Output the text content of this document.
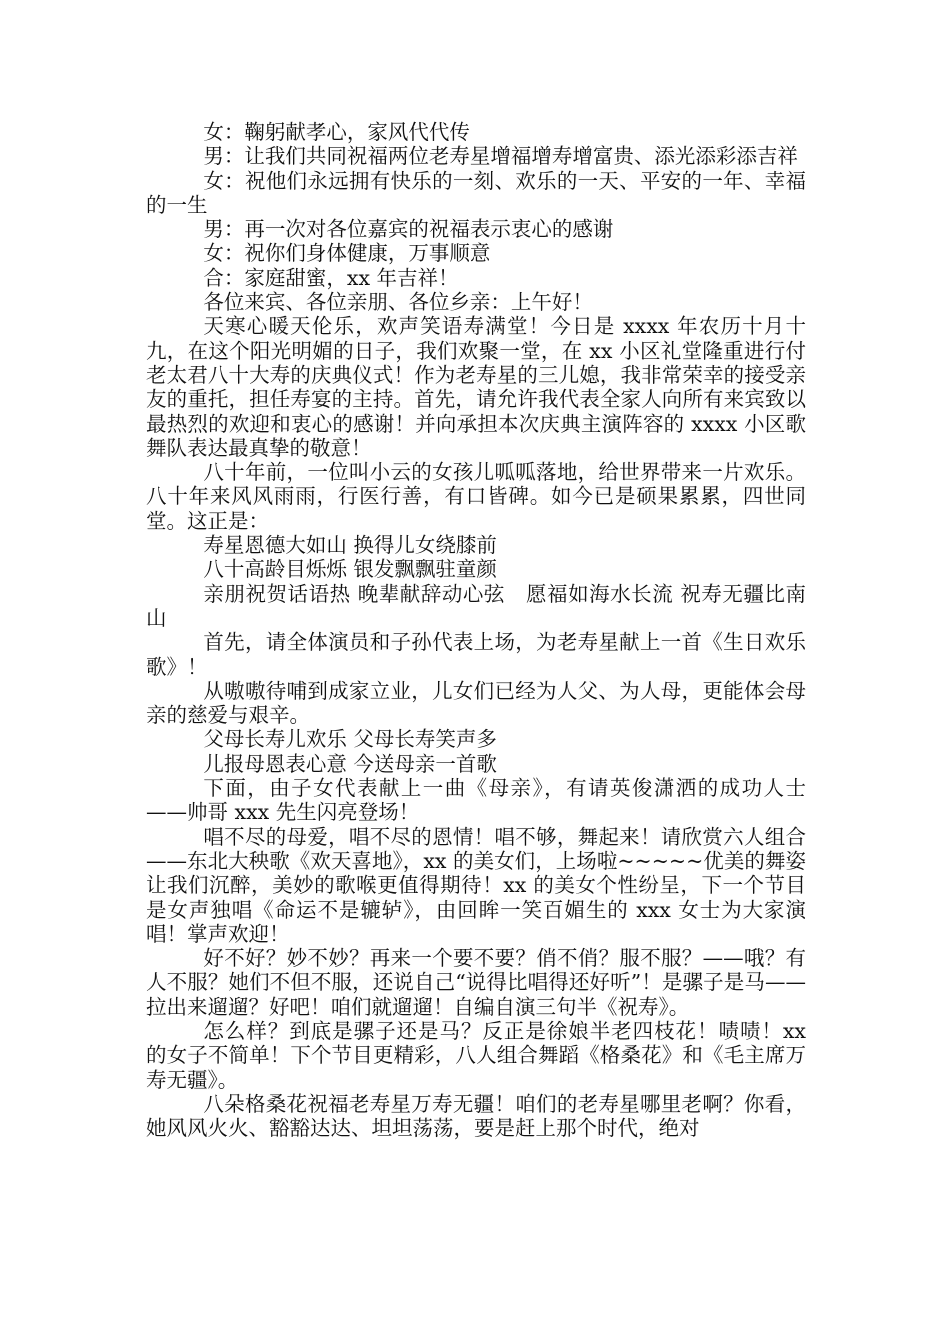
女：鞠躬献孝心，家风代代传

男：让我们共同祝福两位老寿星增福增寿增富贵、添光添彩添吉祥

女：祝他们永远拥有快乐的一刻、欢乐的一天、平安的一年、幸福的一生

男：再一次对各位嘉宾的祝福表示衷心的感谢

女：祝你们身体健康，万事顺意

合：家庭甜蜜，xx 年吉祥！

各位来宾、各位亲朋、各位乡亲：上午好！

天寒心暖天伦乐，欢声笑语寿满堂！今日是 xxxx 年农历十月十九，在这个阳光明媚的日子，我们欢聚一堂，在 xx 小区礼堂隆重进行付老太君八十大寿的庆典仪式！作为老寿星的三儿媳，我非常荣幸的接受亲友的重托，担任寿宴的主持。首先，请允许我代表全家人向所有来宾致以最热烈的欢迎和衷心的感谢！并向承担本次庆典主演阵容的 xxxx 小区歌舞队表达最真挚的敬意！

八十年前，一位叫小云的女孩儿呱呱落地，给世界带来一片欢乐。八十年来风风雨雨，行医行善，有口皆碑。如今已是硕果累累，四世同堂。这正是：

寿星恩德大如山 换得儿女绕膝前

八十高龄目烁烁 银发飘飘驻童颜

亲朋祝贺话语热 晚辈献辞动心弦　愿福如海水长流 祝寿无疆比南山

首先，请全体演员和子孙代表上场，为老寿星献上一首《生日欢乐歌》！

从嗷嗷待哺到成家立业，儿女们已经为人父、为人母，更能体会母亲的慈爱与艰辛。

父母长寿儿欢乐 父母长寿笑声多

儿报母恩表心意 今送母亲一首歌

下面，由子女代表献上一曲《母亲》，有请英俊潇洒的成功人士——帅哥 xxx 先生闪亮登场！

唱不尽的母爱，唱不尽的恩情！唱不够，舞起来！请欣赏六人组合——东北大秧歌《欢天喜地》，xx 的美女们，上场啦~~~~~优美的舞姿让我们沉醉，美妙的歌喉更值得期待！xx 的美女个性纷呈，下一个节目是女声独唱《命运不是辘轳》，由回眸一笑百媚生的 xxx 女士为大家演唱！掌声欢迎！

好不好？妙不妙？再来一个要不要？俏不俏？服不服？——哦？有人不服？她们不但不服，还说自己“说得比唱得还好听”！是骡子是马——拉出来遛遛？好吧！咱们就遛遛！自编自演三句半《祝寿》。

怎么样？到底是骡子还是马？反正是徐娘半老四枝花！啧啧！xx 的女子不简单！下个节目更精彩，八人组合舞蹈《格桑花》和《毛主席万寿无疆》。

八朵格桑花祝福老寿星万寿无疆！咱们的老寿星哪里老啊？你看，她风风火火、豁豁达达、坦坦荡荡，要是赶上那个时代，绝对
